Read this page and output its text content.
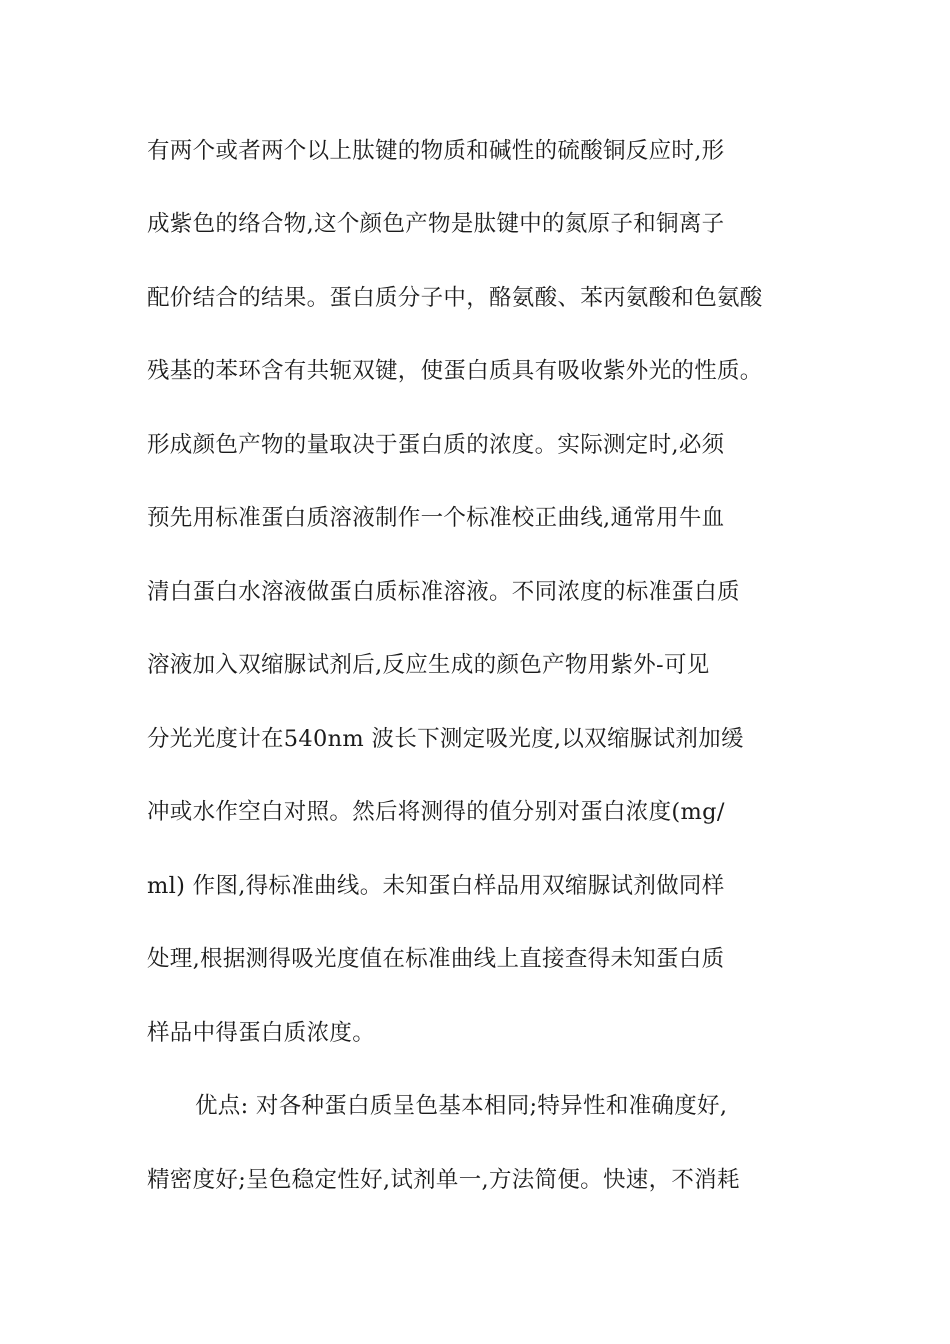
有两个或者两个以上肽键的物质和碱性的硫酸铜反应时,形
成紫色的络合物,这个颜色产物是肽键中的氮原子和铜离子
配价结合的结果。蛋白质分子中，酪氨酸、苯丙氨酸和色氨酸
残基的苯环含有共轭双键，使蛋白质具有吸收紫外光的性质。
形成颜色产物的量取决于蛋白质的浓度。实际测定时,必须
预先用标准蛋白质溶液制作一个标准校正曲线,通常用牛血
清白蛋白水溶液做蛋白质标准溶液。不同浓度的标准蛋白质
溶液加入双缩脲试剂后,反应生成的颜色产物用紫外-可见
分光光度计在540nm 波长下测定吸光度,以双缩脲试剂加缓
冲或水作空白对照。然后将测得的值分别对蛋白浓度(mg/
ml) 作图,得标准曲线。未知蛋白样品用双缩脲试剂做同样
处理,根据测得吸光度值在标准曲线上直接查得未知蛋白质
样品中得蛋白质浓度。
优点: 对各种蛋白质呈色基本相同;特异性和准确度好,
精密度好;呈色稳定性好,试剂单一,方法简便。快速，不消耗
